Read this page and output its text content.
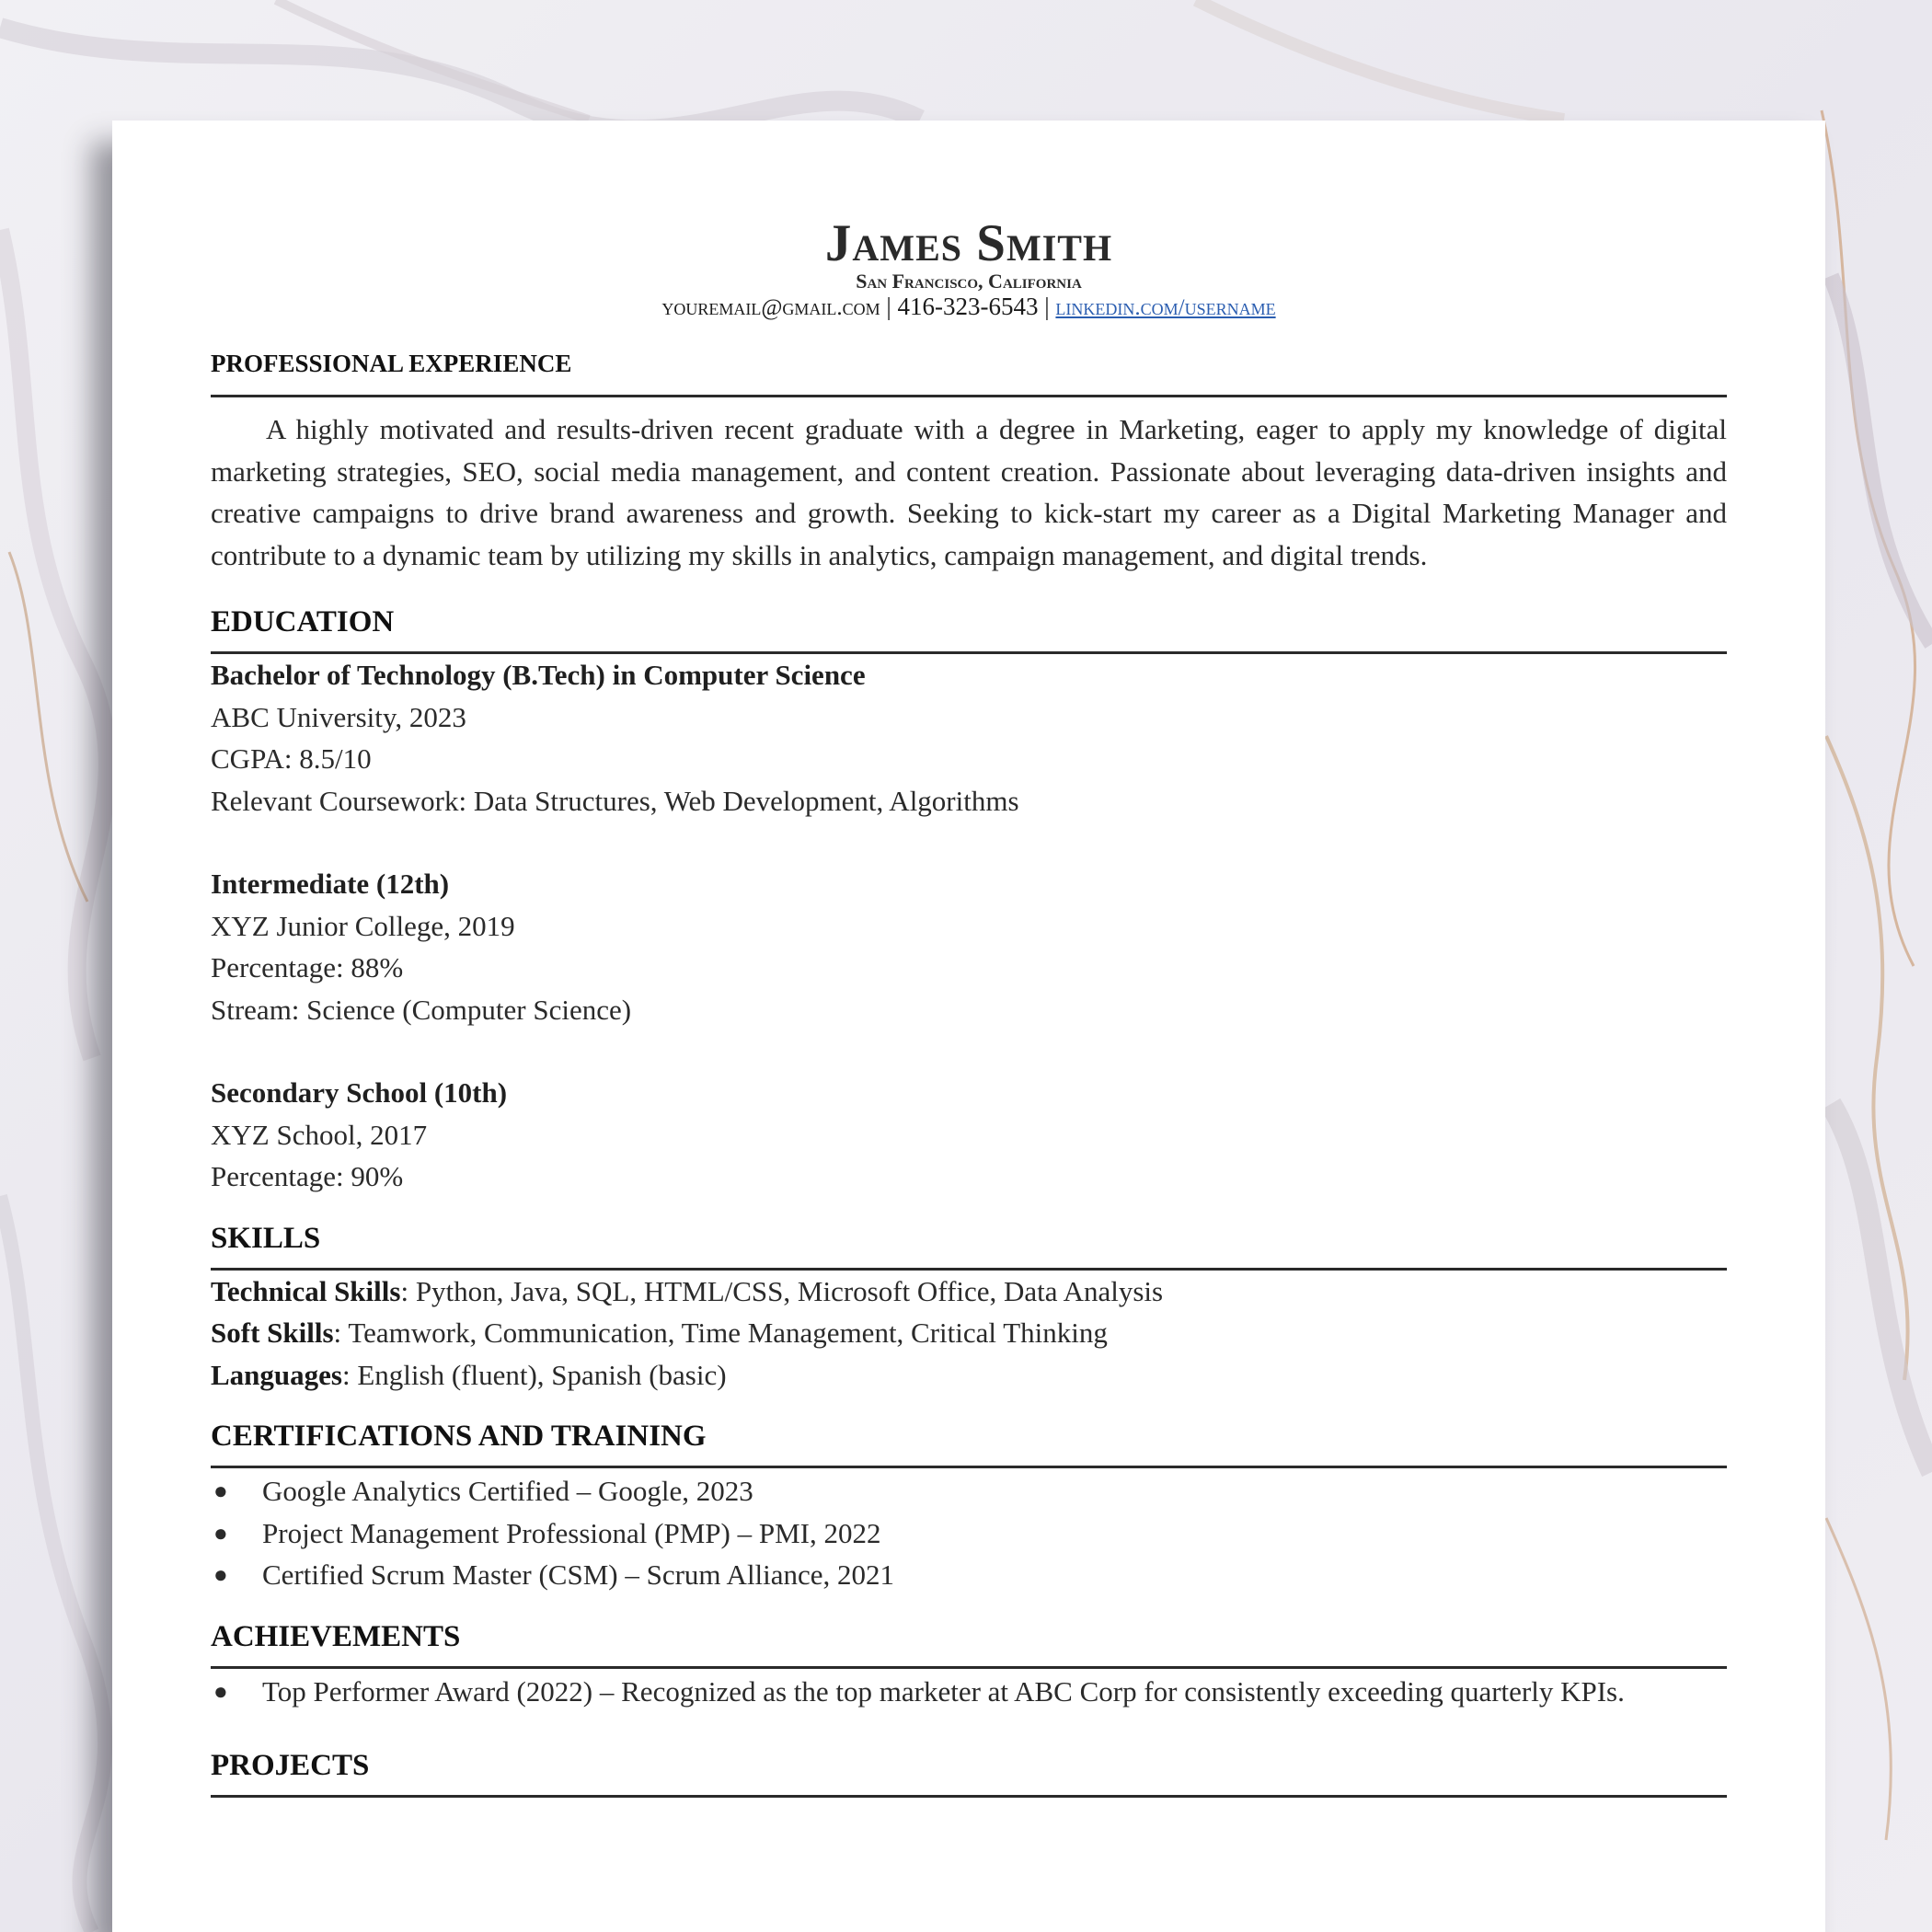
James Smith
San Francisco, California
youremail@gmail.com | 416-323-6543 | linkedin.com/username
PROFESSIONAL EXPERIENCE

A highly motivated and results-driven recent graduate with a degree in Marketing, eager to apply my knowledge of digital marketing strategies, SEO, social media management, and content creation. Passionate about leveraging data-driven insights and creative campaigns to drive brand awareness and growth. Seeking to kick-start my career as a Digital Marketing Manager and contribute to a dynamic team by utilizing my skills in analytics, campaign management, and digital trends.

EDUCATION
Bachelor of Technology (B.Tech) in Computer Science

ABC University, 2023

CGPA: 8.5/10

Relevant Coursework: Data Structures, Web Development, Algorithms

Intermediate (12th)

XYZ Junior College, 2019

Percentage: 88%

Stream: Science (Computer Science)

Secondary School (10th)

XYZ School, 2017

Percentage: 90%

SKILLS

Technical Skills: Python, Java, SQL, HTML/CSS, Microsoft Office, Data Analysis

Soft Skills: Teamwork, Communication, Time Management, Critical Thinking

Languages: English (fluent), Spanish (basic)

CERTIFICATIONS AND TRAINING
● Google Analytics Certified – Google, 2023
● Project Management Professional (PMP) – PMI, 2022
● Certified Scrum Master (CSM) – Scrum Alliance, 2021
ACHIEVEMENTS
● Top Performer Award (2022) – Recognized as the top marketer at ABC Corp for consistently exceeding quarterly KPIs.
PROJECTS
